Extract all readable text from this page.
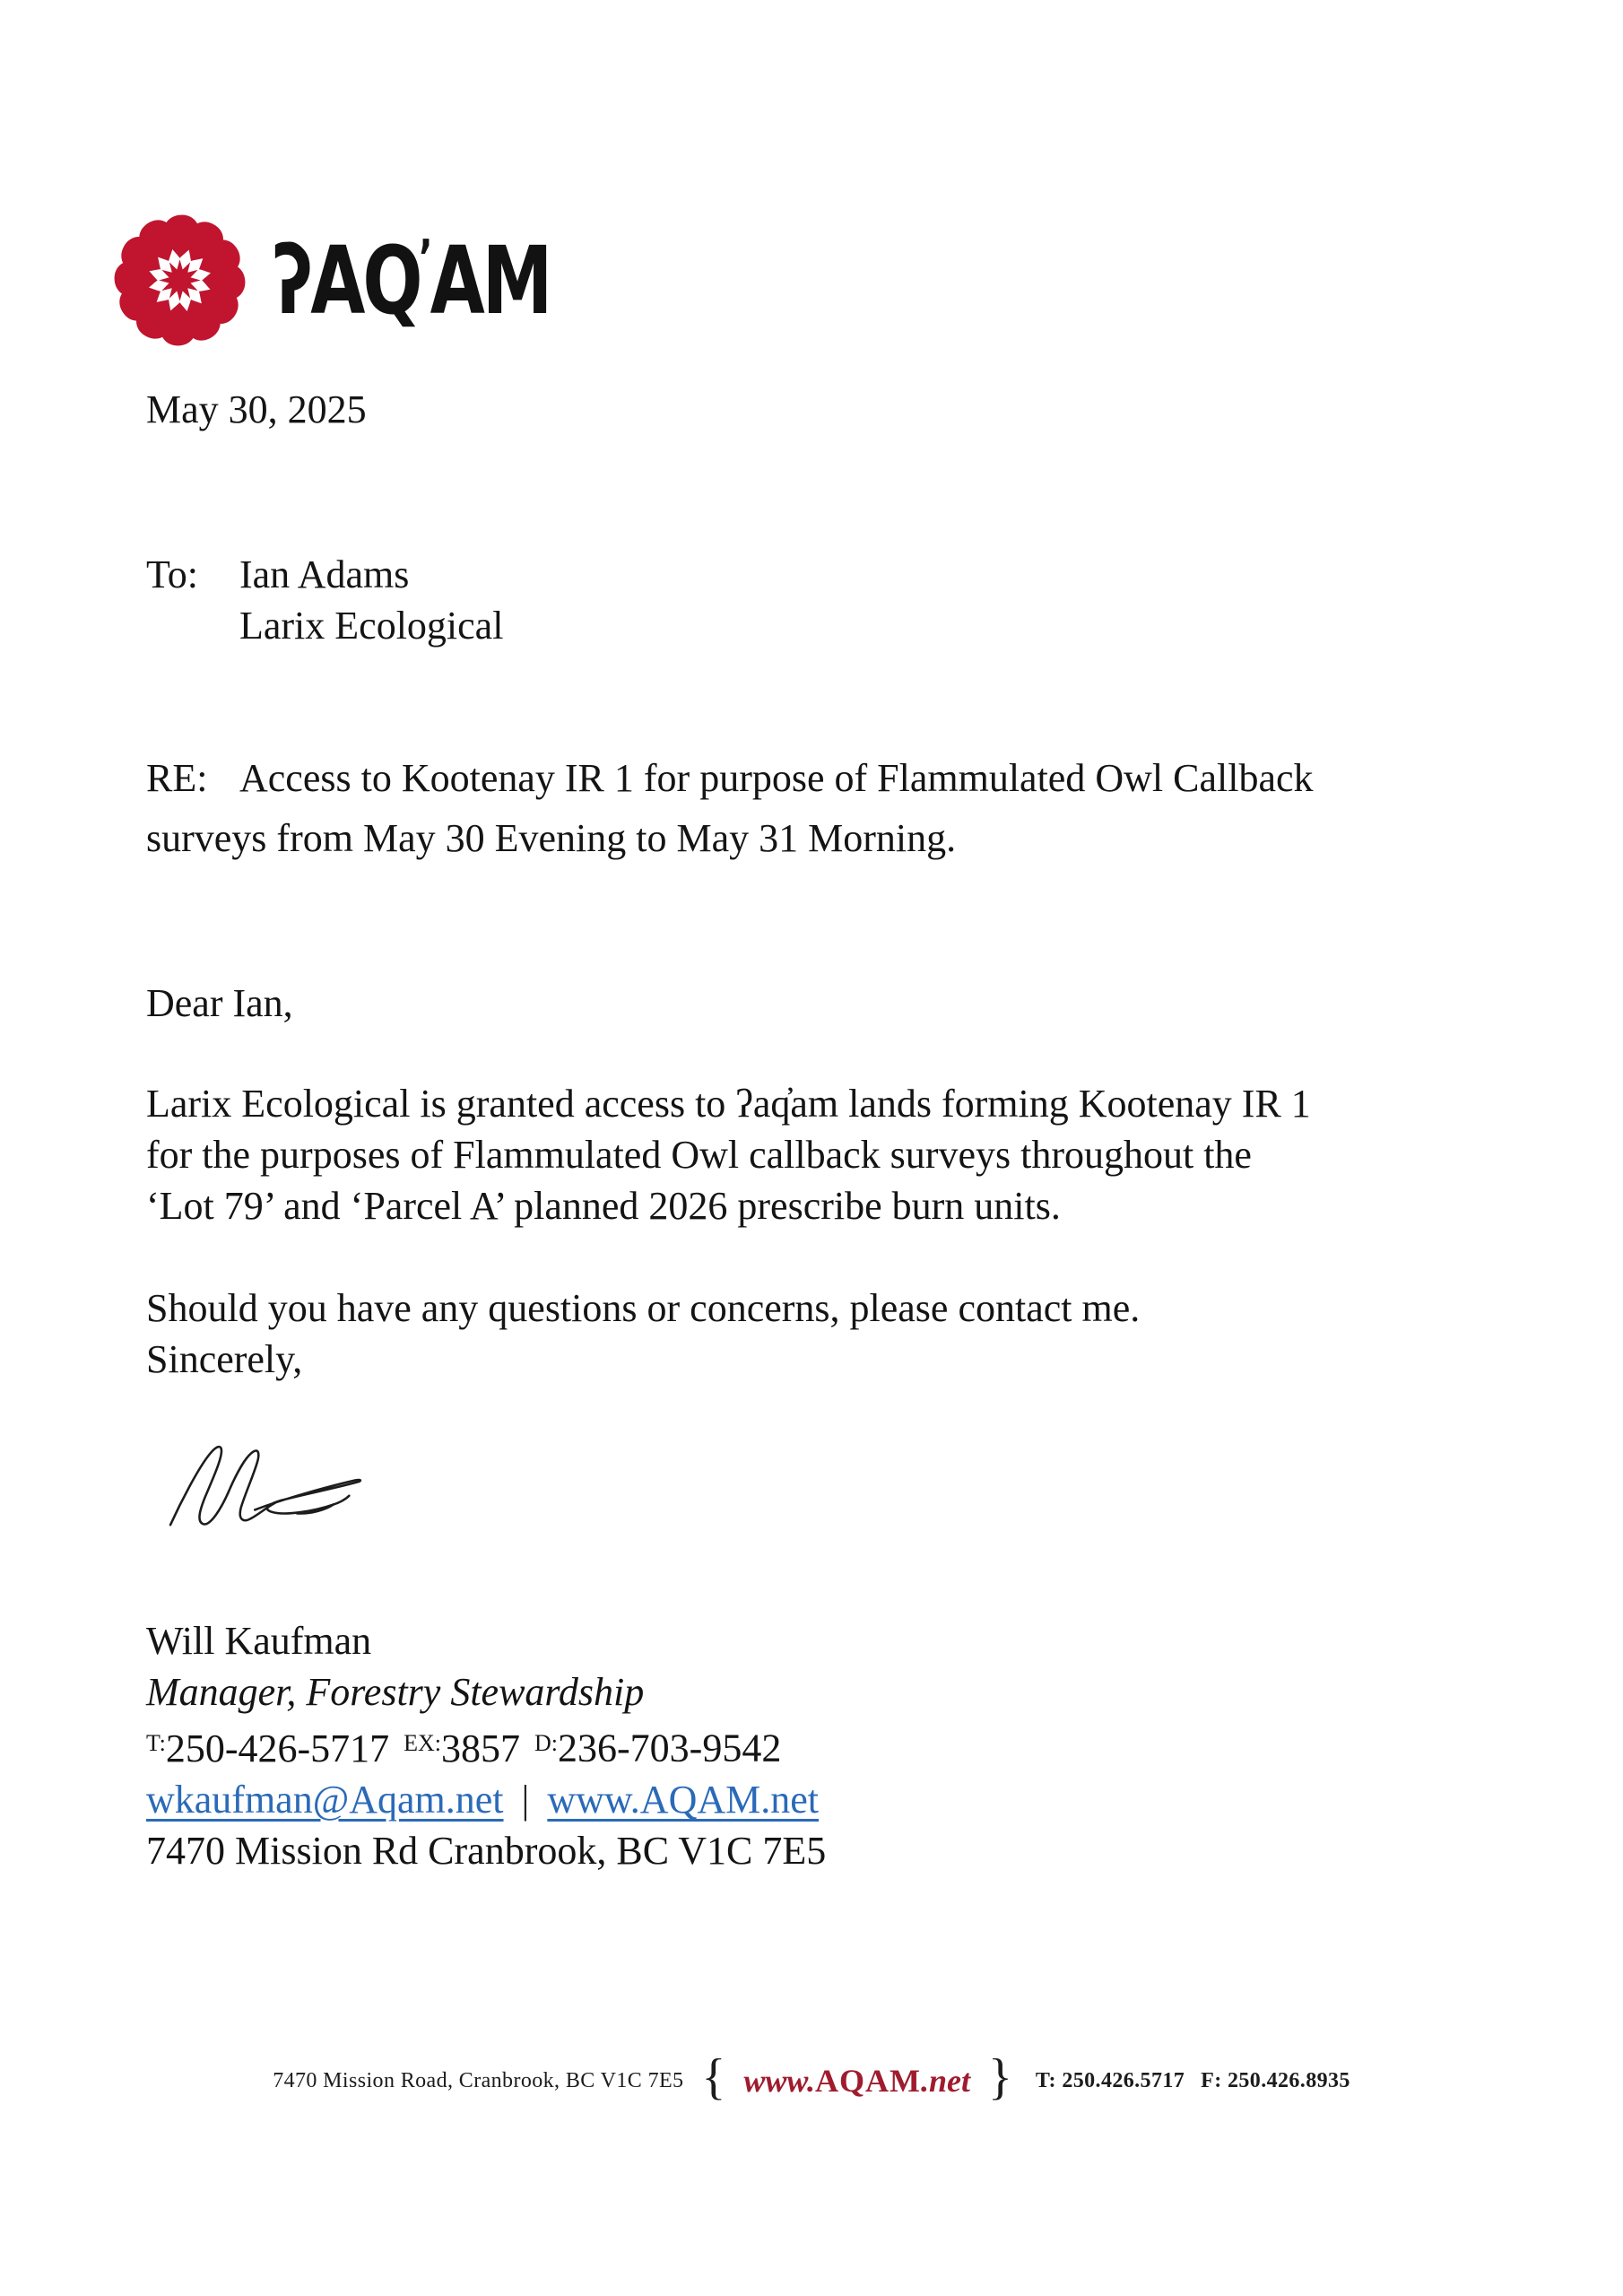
ʔAQ’AM
May 30, 2025
To:	Ian Adams
Larix Ecological
RE: Access to Kootenay IR 1 for purpose of Flammulated Owl Callback
surveys from May 30 Evening to May 31 Morning.
Dear Ian,
Larix Ecological is granted access to ʔaq̓am lands forming Kootenay IR 1
for the purposes of Flammulated Owl callback surveys throughout the
‘Lot 79’ and ‘Parcel A’ planned 2026 prescribe burn units.
Should you have any questions or concerns, please contact me.
Sincerely,
Will Kaufman
Manager, Forestry Stewardship
$^{T:}$250-426-5717 $^{EX:}$3857 $^{D:}$236-703-9542
wkaufman@Aqam.net | www.AQAM.net
7470 Mission Rd Cranbrook, BC V1C 7E5
7470 Mission Road, Cranbrook, BC V1C 7E5 { www.AQAM.net } T: 250.426.5717 F: 250.426.8935
